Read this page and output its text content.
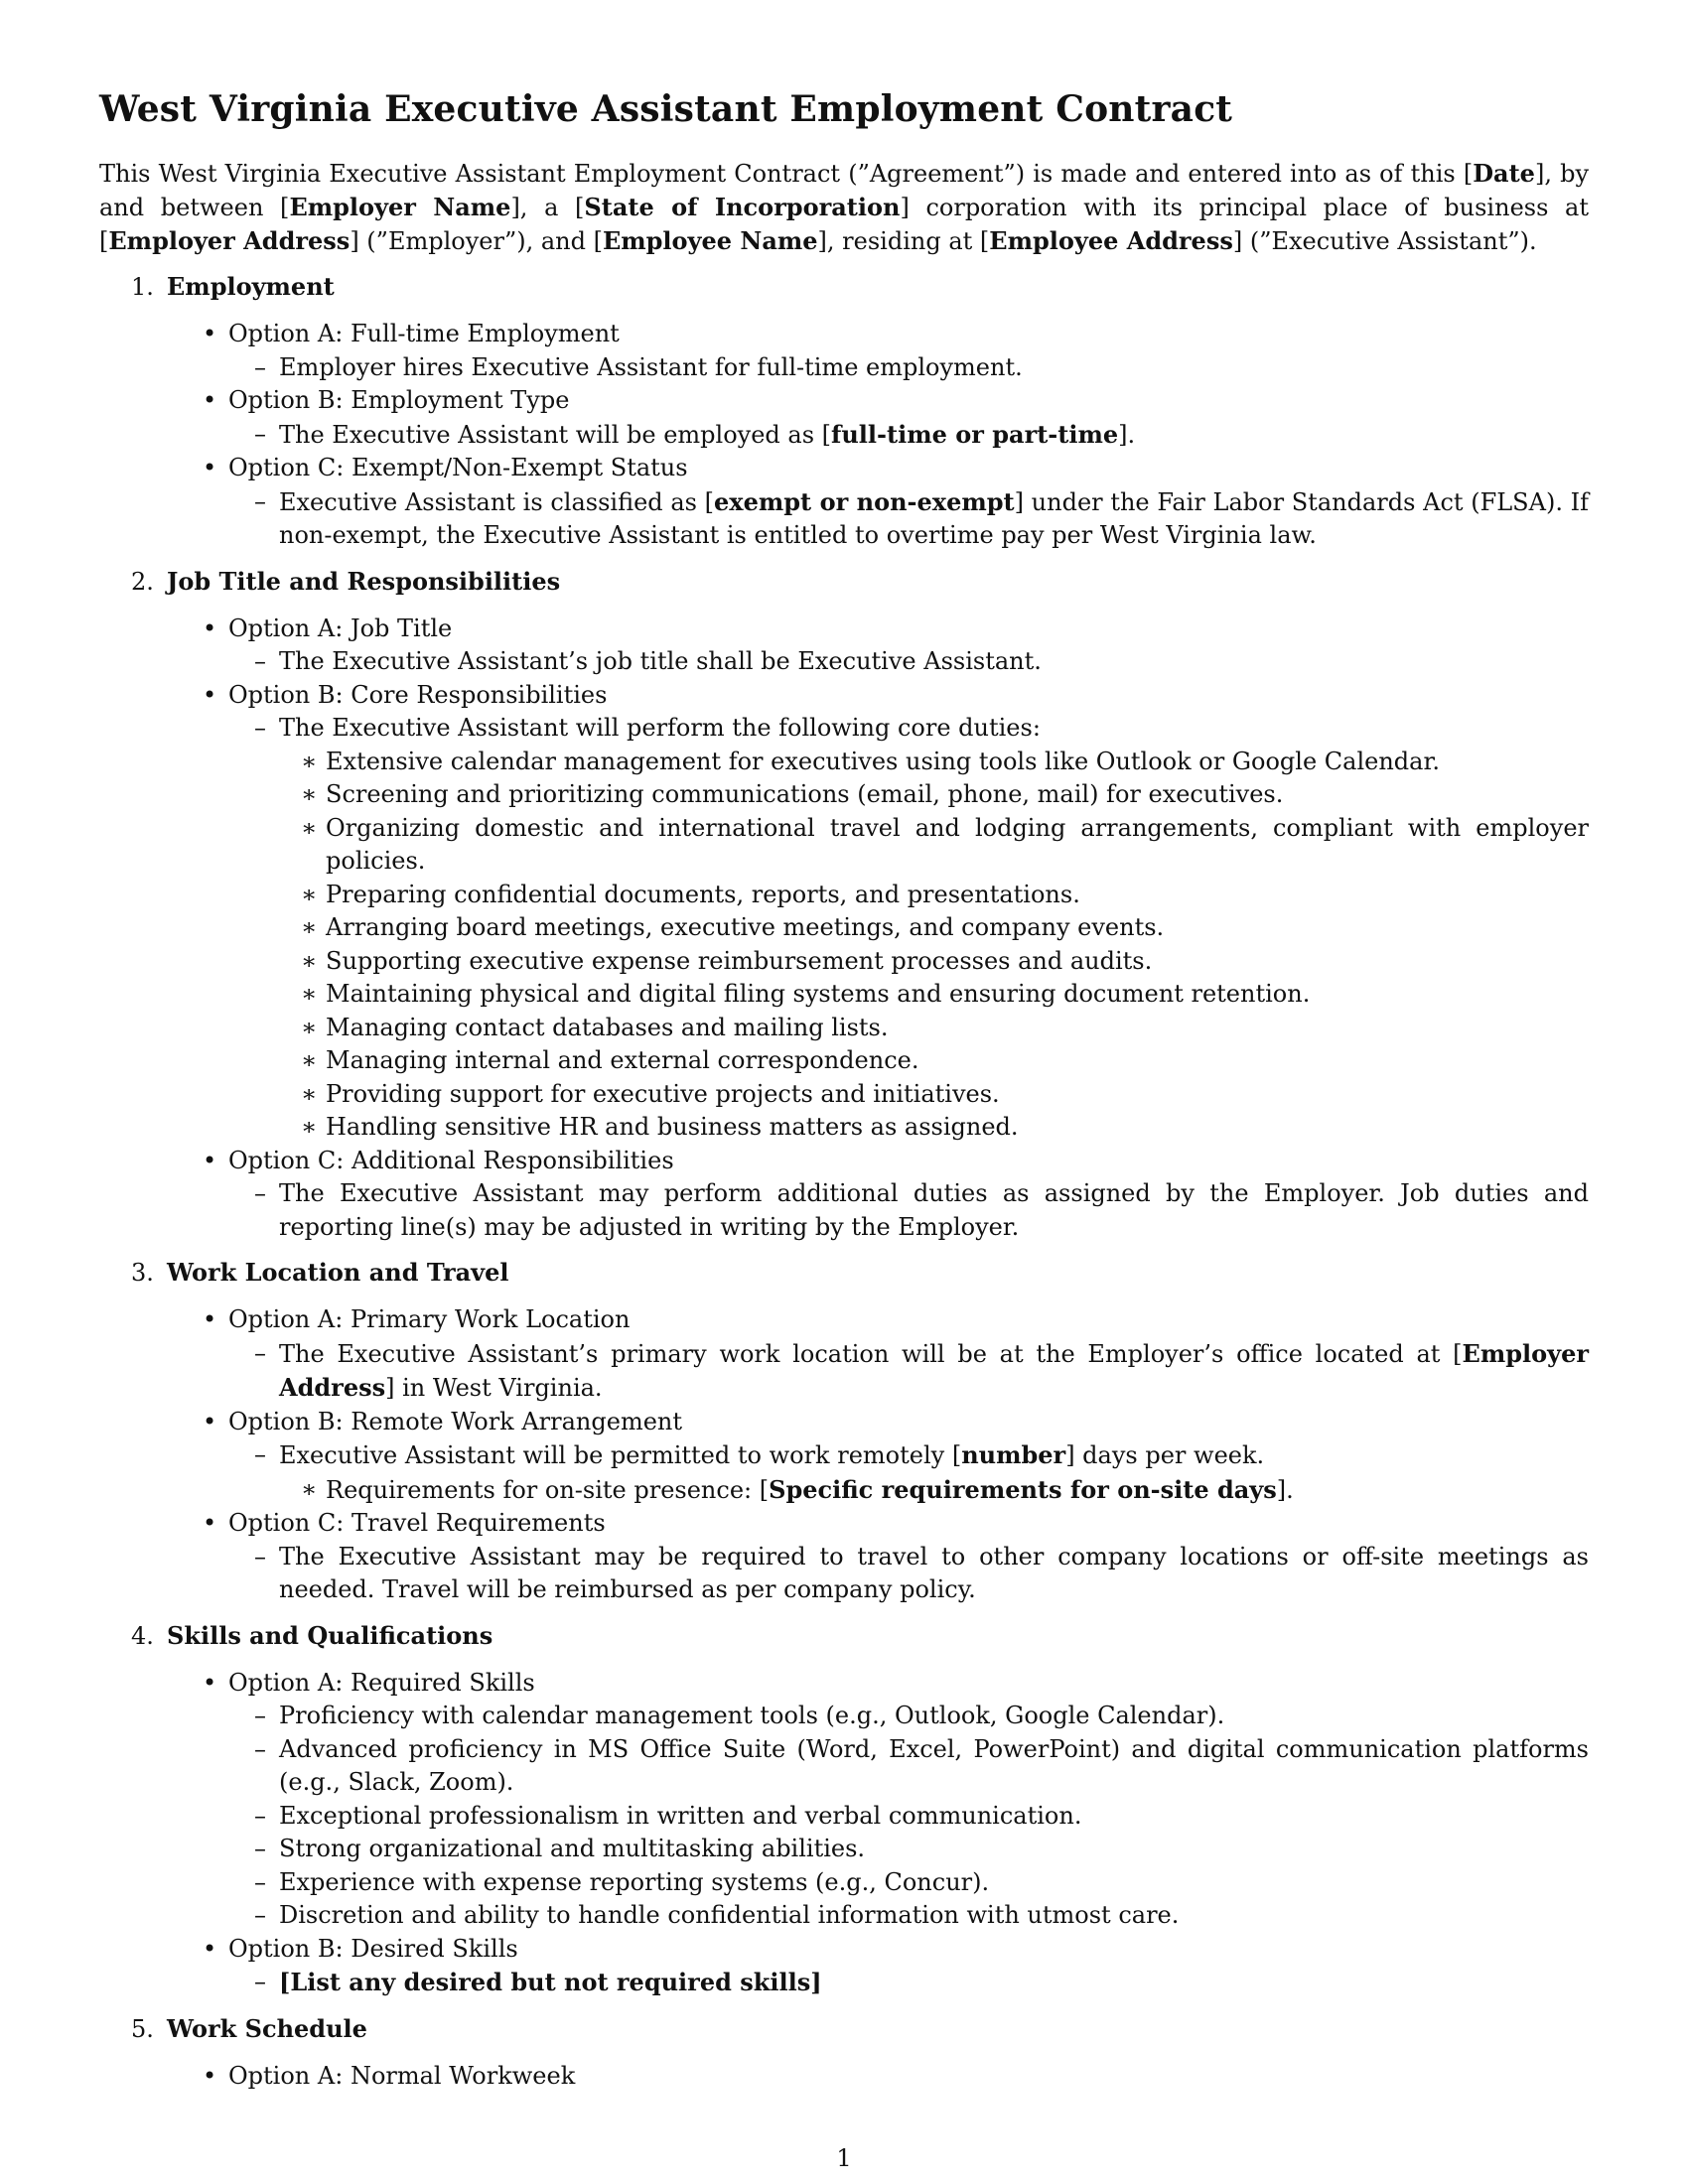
West Virginia Executive Assistant Employment Contract

This West Virginia Executive Assistant Employment Contract (”Agreement”) is made and entered into as of this [Date], by and between [Employer Name], a [State of Incorporation] corporation with its principal place of business at [Employer Address] (”Employer”), and [Employee Name], residing at [Employee Address] (”Executive Assistant”).

1. Employment
• Option A: Full-time Employment
– Employer hires Executive Assistant for full-time employment.
• Option B: Employment Type
– The Executive Assistant will be employed as [full-time or part-time].
• Option C: Exempt/Non-Exempt Status
– Executive Assistant is classified as [exempt or non-exempt] under the Fair Labor Standards Act (FLSA). If non-exempt, the Executive Assistant is entitled to overtime pay per West Virginia law.
2. Job Title and Responsibilities
• Option A: Job Title
– The Executive Assistant’s job title shall be Executive Assistant.
• Option B: Core Responsibilities
– The Executive Assistant will perform the following core duties:
∗ Extensive calendar management for executives using tools like Outlook or Google Calendar.
∗ Screening and prioritizing communications (email, phone, mail) for executives.
∗ Organizing domestic and international travel and lodging arrangements, compliant with employer policies.
∗ Preparing confidential documents, reports, and presentations.
∗ Arranging board meetings, executive meetings, and company events.
∗ Supporting executive expense reimbursement processes and audits.
∗ Maintaining physical and digital filing systems and ensuring document retention.
∗ Managing contact databases and mailing lists.
∗ Managing internal and external correspondence.
∗ Providing support for executive projects and initiatives.
∗ Handling sensitive HR and business matters as assigned.
• Option C: Additional Responsibilities
– The Executive Assistant may perform additional duties as assigned by the Employer. Job duties and reporting line(s) may be adjusted in writing by the Employer.
3. Work Location and Travel
• Option A: Primary Work Location
– The Executive Assistant’s primary work location will be at the Employer’s office located at [Employer Address] in West Virginia.
• Option B: Remote Work Arrangement
– Executive Assistant will be permitted to work remotely [number] days per week.
∗ Requirements for on-site presence: [Specific requirements for on-site days].
• Option C: Travel Requirements
– The Executive Assistant may be required to travel to other company locations or off-site meetings as needed. Travel will be reimbursed as per company policy.
4. Skills and Qualifications
• Option A: Required Skills
– Proficiency with calendar management tools (e.g., Outlook, Google Calendar).
– Advanced proficiency in MS Office Suite (Word, Excel, PowerPoint) and digital communication platforms (e.g., Slack, Zoom).
– Exceptional professionalism in written and verbal communication.
– Strong organizational and multitasking abilities.
– Experience with expense reporting systems (e.g., Concur).
– Discretion and ability to handle confidential information with utmost care.
• Option B: Desired Skills
– [List any desired but not required skills]
5. Work Schedule
• Option A: Normal Workweek
1
